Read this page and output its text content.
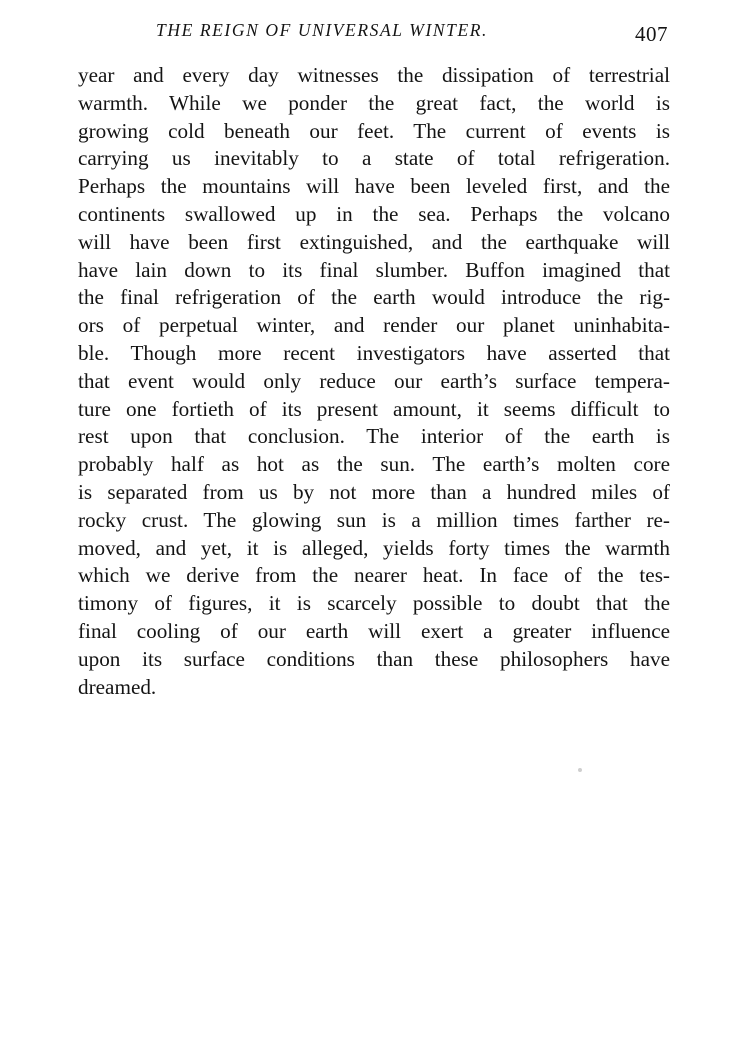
THE REIGN OF UNIVERSAL WINTER.	407
year and every day witnesses the dissipation of terrestrial
warmth. While we ponder the great fact, the world is
growing cold beneath our feet. The current of events is
carrying us inevitably to a state of total refrigeration.
Perhaps the mountains will have been leveled first, and the
continents swallowed up in the sea. Perhaps the volcano
will have been first extinguished, and the earthquake will
have lain down to its final slumber. Buffon imagined that
the final refrigeration of the earth would introduce the rig-
ors of perpetual winter, and render our planet uninhabita-
ble. Though more recent investigators have asserted that
that event would only reduce our earth’s surface tempera-
ture one fortieth of its present amount, it seems difficult to
rest upon that conclusion. The interior of the earth is
probably half as hot as the sun. The earth’s molten core
is separated from us by not more than a hundred miles of
rocky crust. The glowing sun is a million times farther re-
moved, and yet, it is alleged, yields forty times the warmth
which we derive from the nearer heat. In face of the tes-
timony of figures, it is scarcely possible to doubt that the
final cooling of our earth will exert a greater influence
upon its surface conditions than these philosophers have
dreamed.
